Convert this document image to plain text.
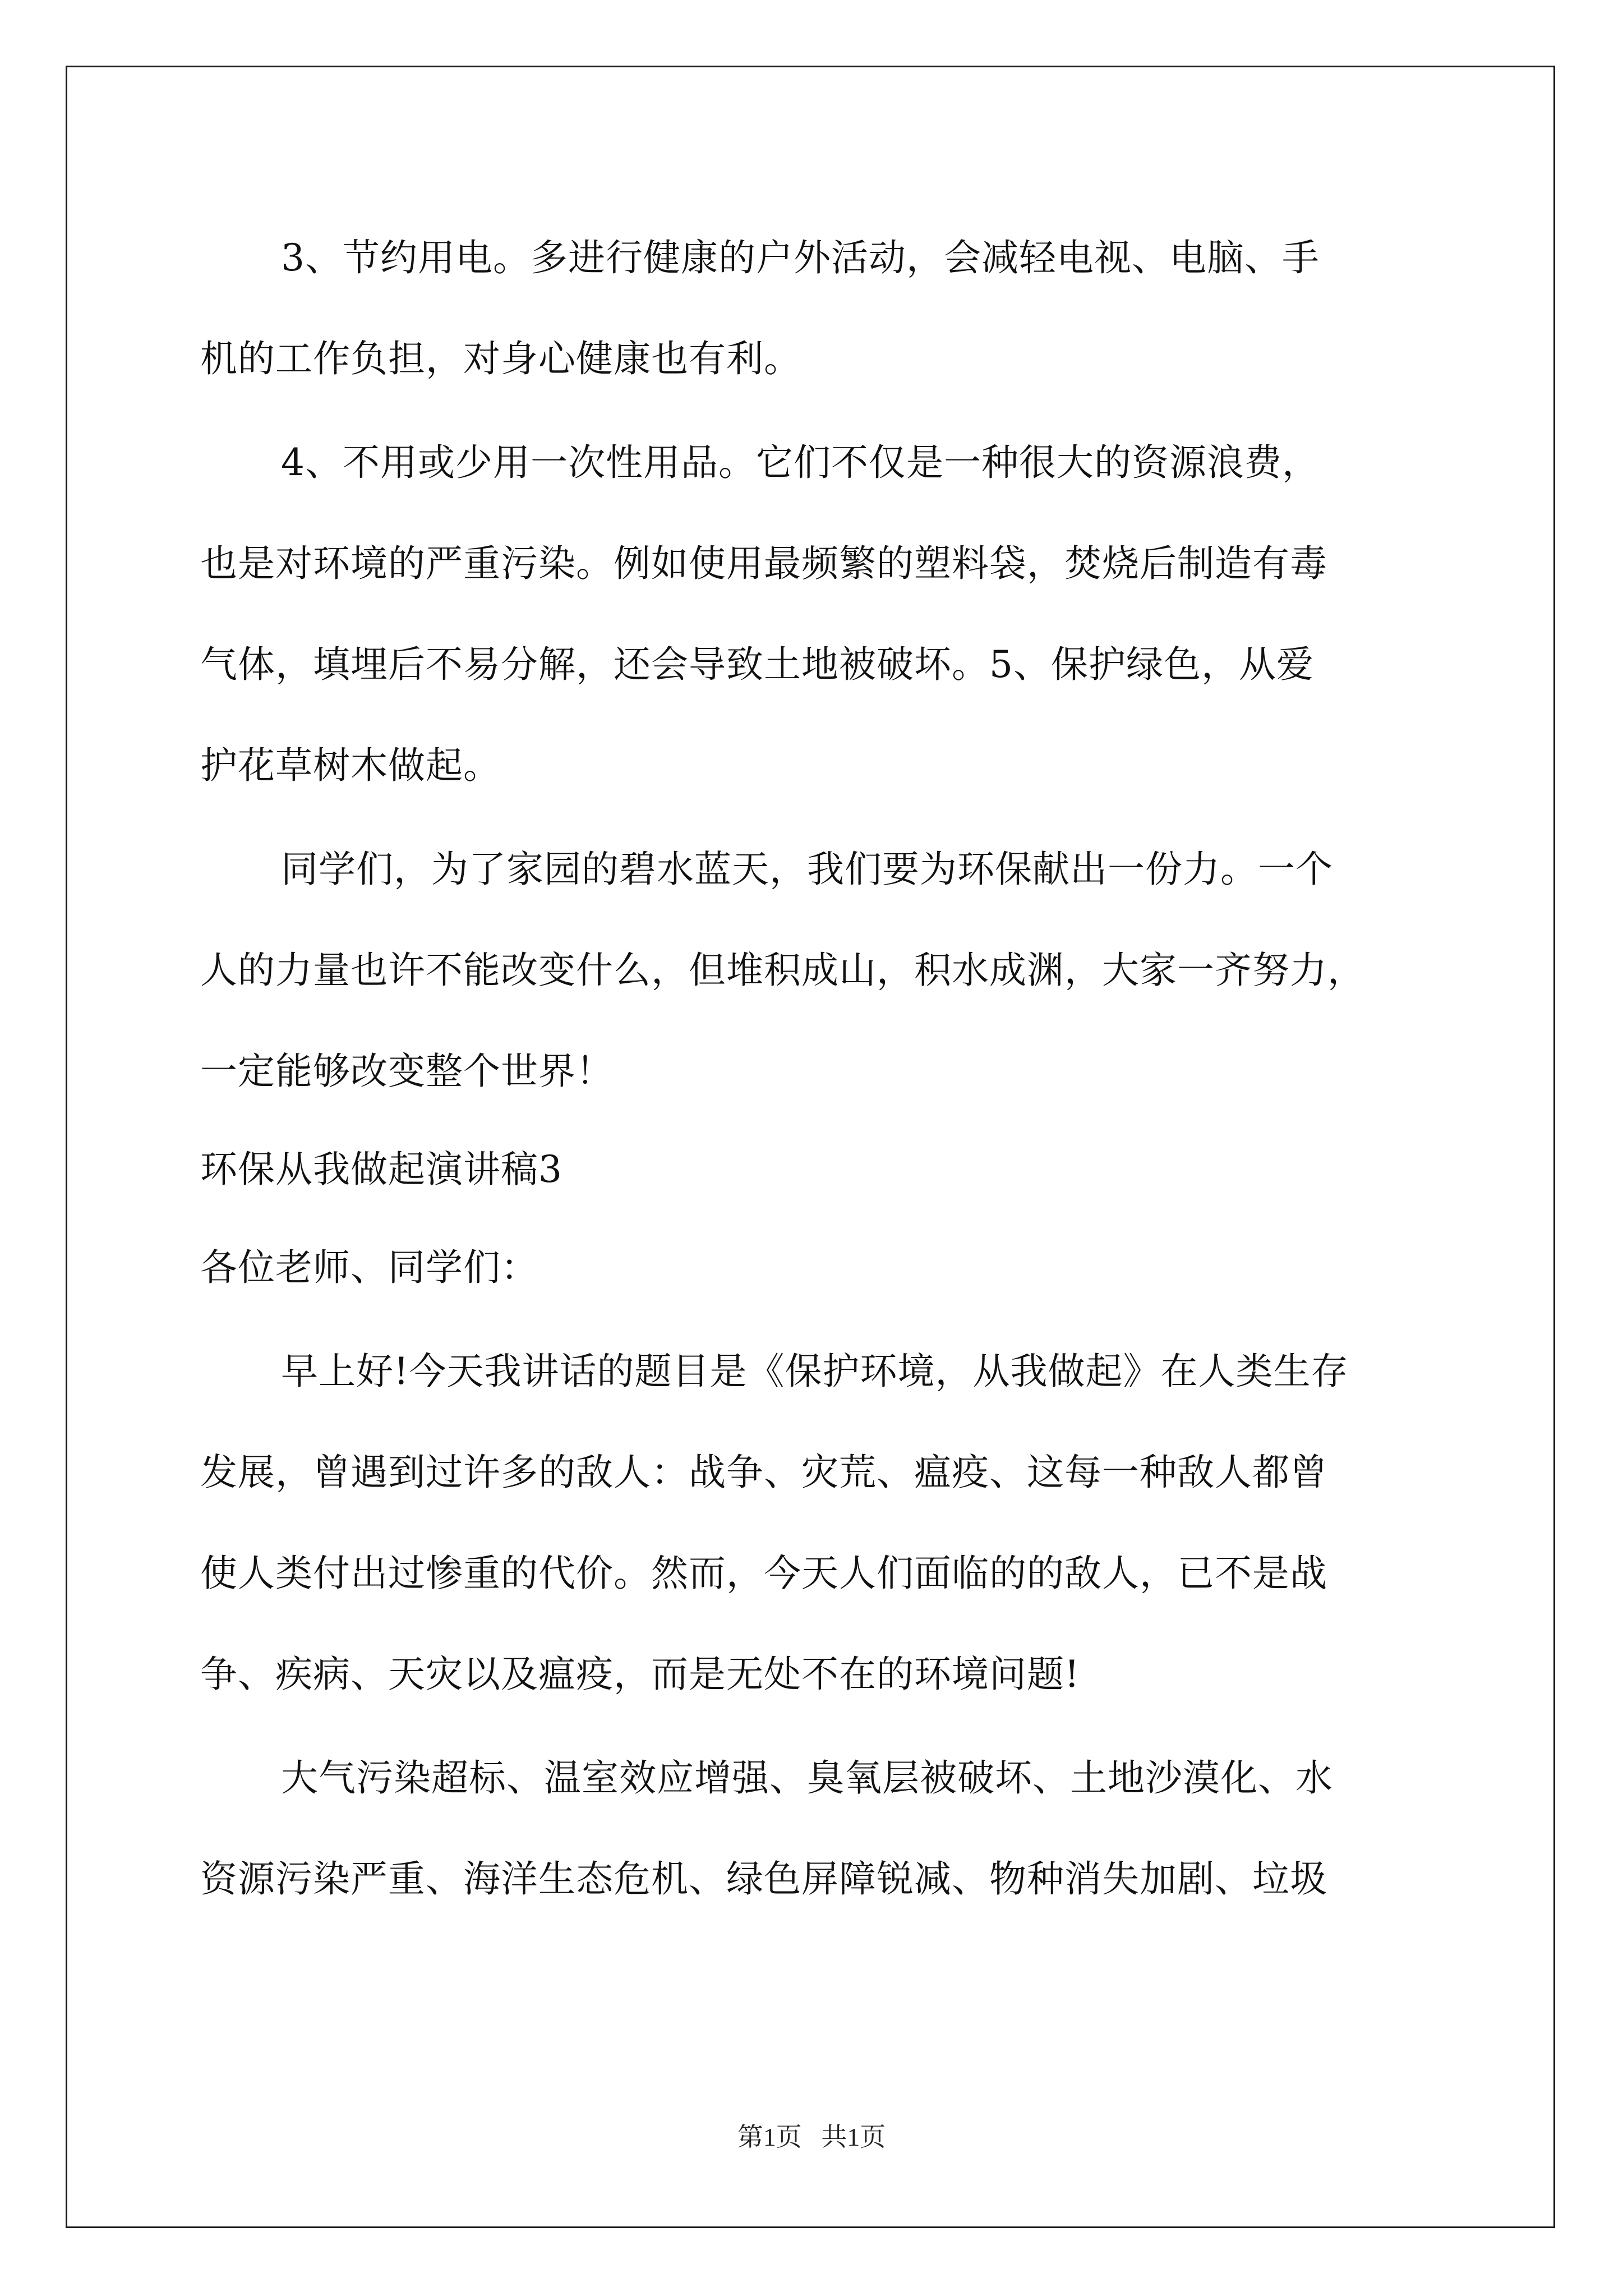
3、节约用电。多进行健康的户外活动，会减轻电视、电脑、手
机的工作负担，对身心健康也有利。
4、不用或少用一次性用品。它们不仅是一种很大的资源浪费，
也是对环境的严重污染。例如使用最频繁的塑料袋，焚烧后制造有毒
气体，填埋后不易分解，还会导致土地被破坏。5、保护绿色，从爱
护花草树木做起。
同学们，为了家园的碧水蓝天，我们要为环保献出一份力。一个
人的力量也许不能改变什么，但堆积成山，积水成渊，大家一齐努力，
一定能够改变整个世界！
环保从我做起演讲稿3
各位老师、同学们：
早上好!今天我讲话的题目是《保护环境，从我做起》在人类生存
发展，曾遇到过许多的敌人：战争、灾荒、瘟疫、这每一种敌人都曾
使人类付出过惨重的代价。然而，今天人们面临的的敌人，已不是战
争、疾病、天灾以及瘟疫，而是无处不在的环境问题!
大气污染超标、温室效应增强、臭氧层被破坏、土地沙漠化、水
资源污染严重、海洋生态危机、绿色屏障锐减、物种消失加剧、垃圾
第1页   共1页
